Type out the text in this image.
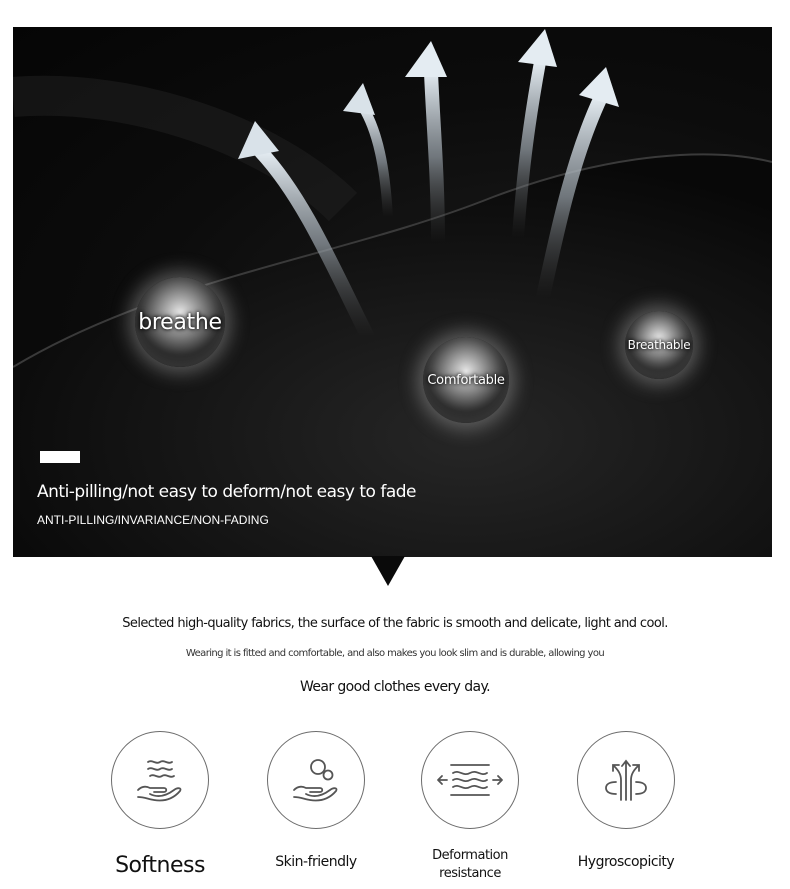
breathe
Comfortable
Breathable
Anti-pilling/not easy to deform/not easy to fade
ANTI-PILLING/INVARIANCE/NON-FADING
Selected high-quality fabrics, the surface of the fabric is smooth and delicate, light and cool.
Wearing it is fitted and comfortable, and also makes you look slim and is durable, allowing you
Wear good clothes every day.
Softness	Skin-friendly	Deformation
resistance
Hygroscopicity
